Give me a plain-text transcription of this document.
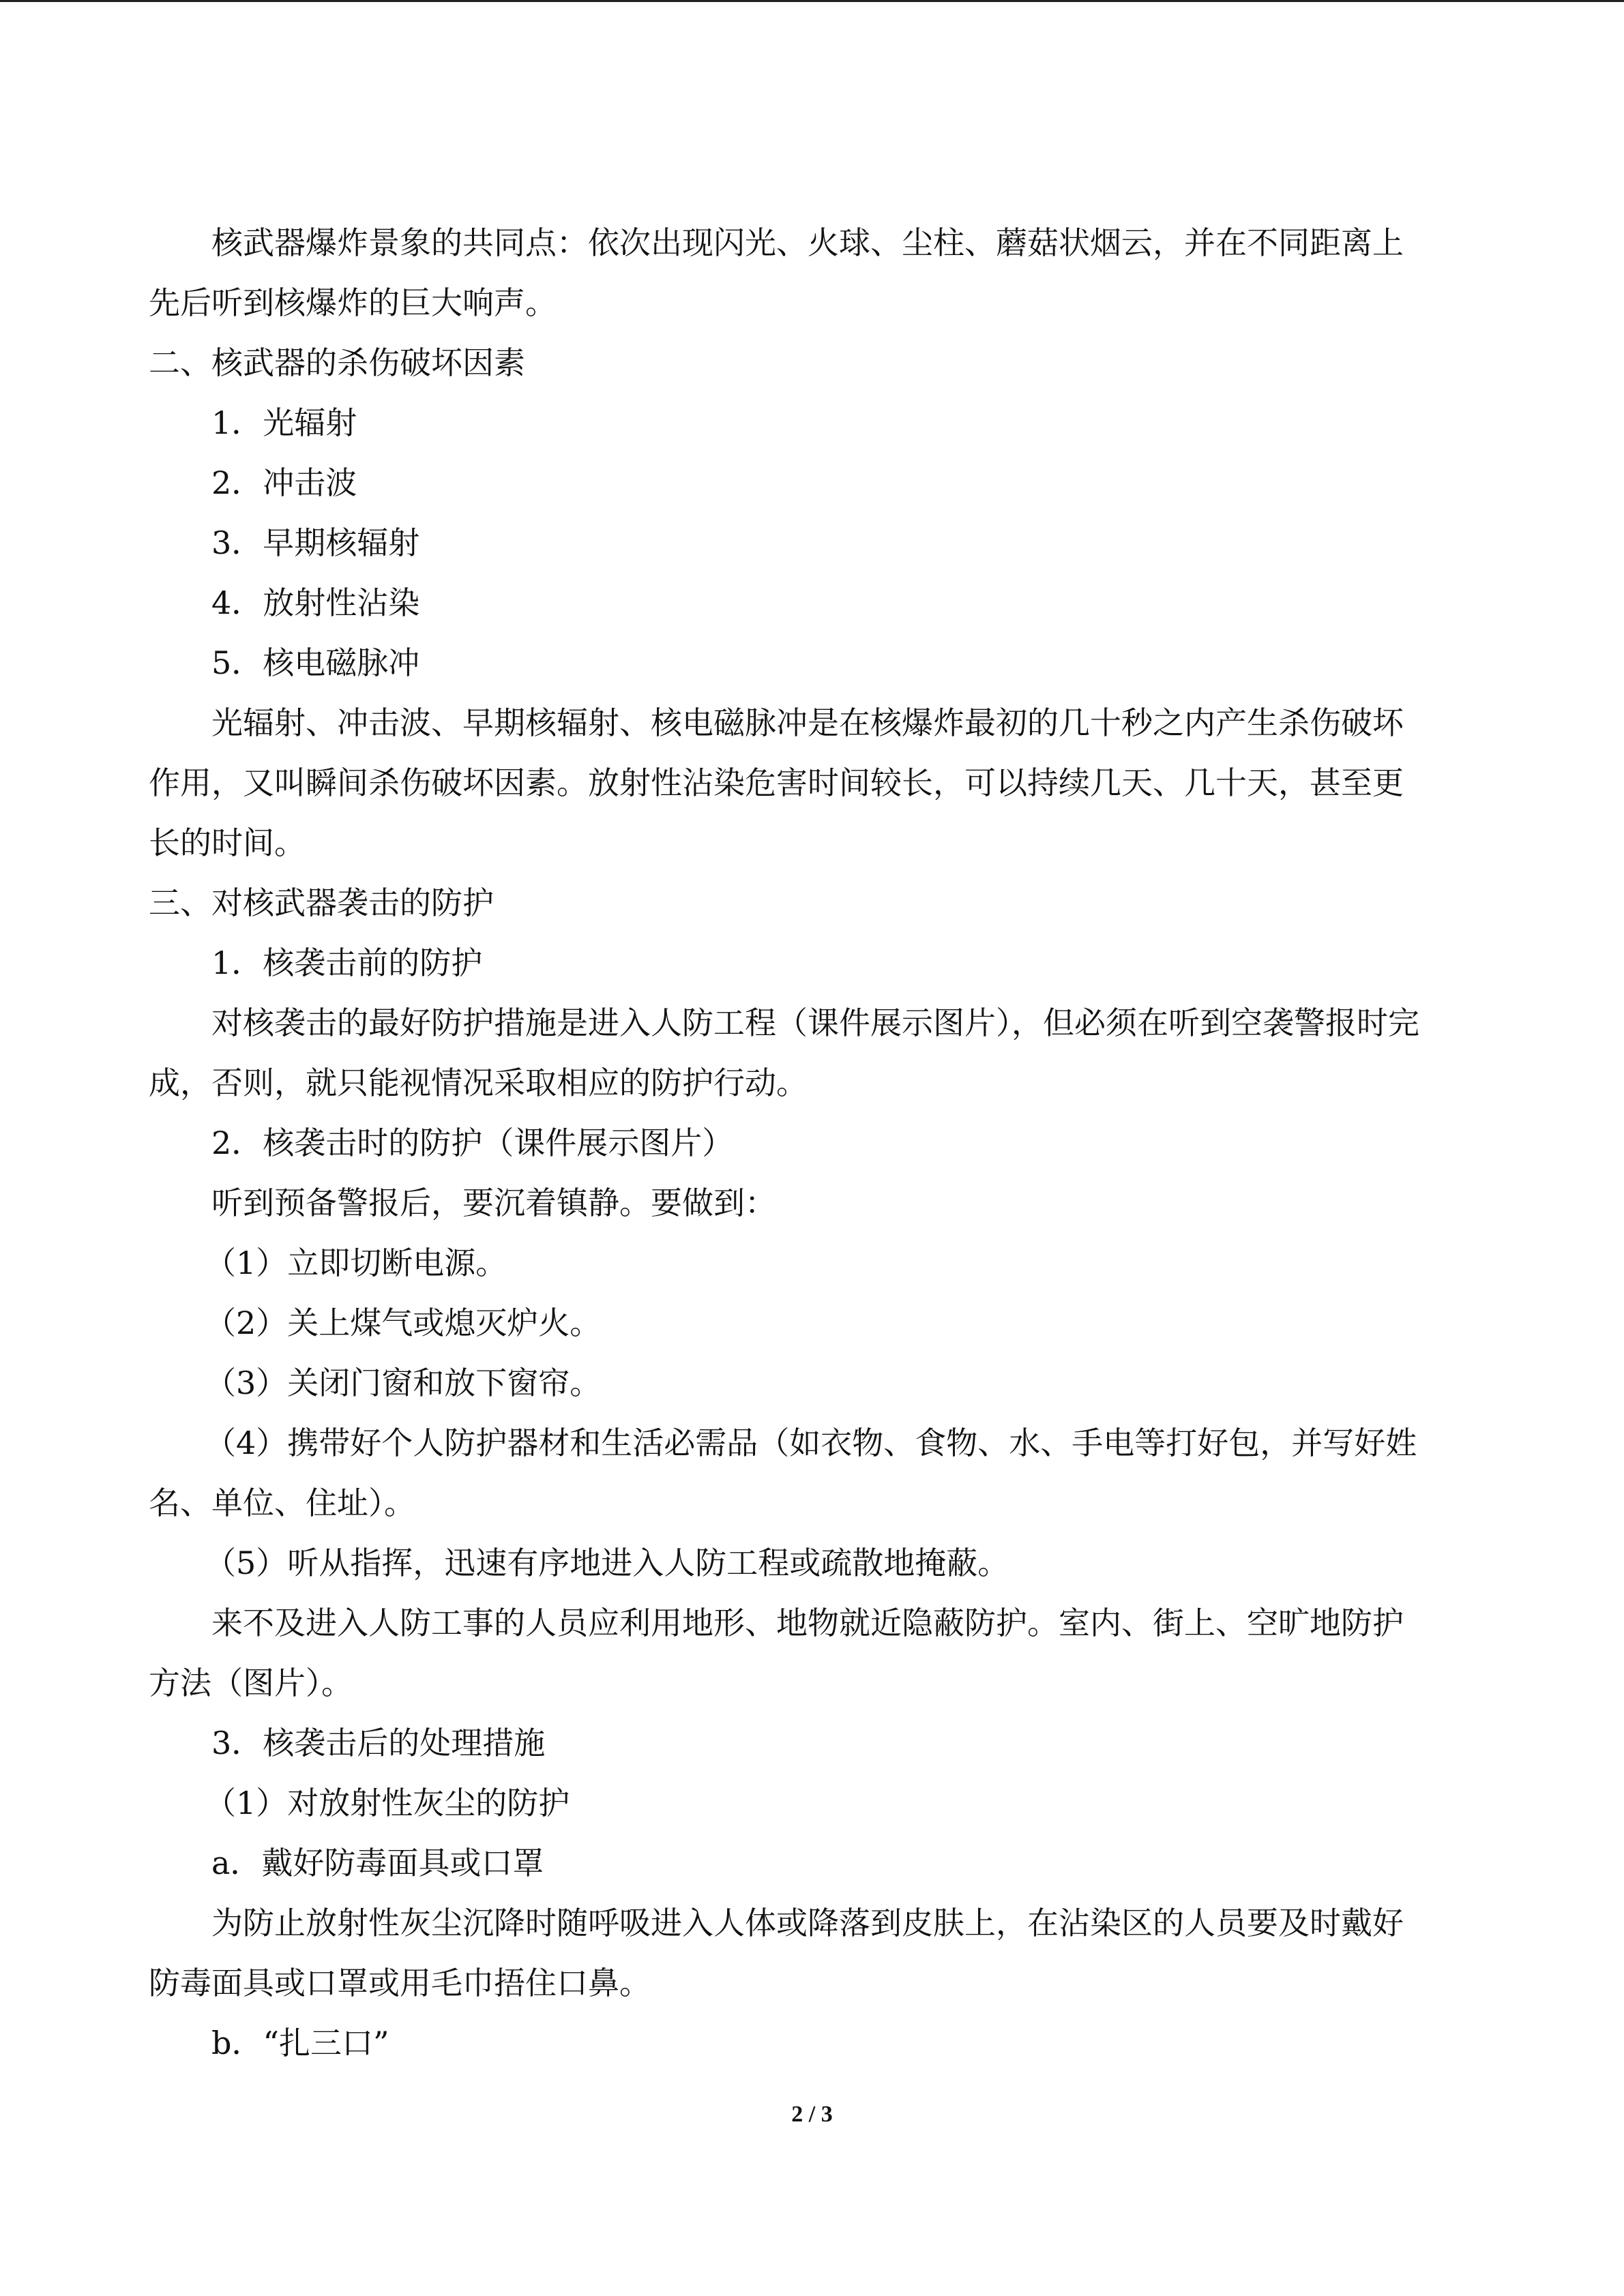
核武器爆炸景象的共同点：依次出现闪光、火球、尘柱、蘑菇状烟云，并在不同距离上
先后听到核爆炸的巨大响声。
二、核武器的杀伤破坏因素
1．光辐射
2．冲击波
3．早期核辐射
4．放射性沾染
5．核电磁脉冲
光辐射、冲击波、早期核辐射、核电磁脉冲是在核爆炸最初的几十秒之内产生杀伤破坏
作用，又叫瞬间杀伤破坏因素。放射性沾染危害时间较长，可以持续几天、几十天，甚至更
长的时间。
三、对核武器袭击的防护
1．核袭击前的防护
对核袭击的最好防护措施是进入人防工程（课件展示图片），但必须在听到空袭警报时完
成，否则，就只能视情况采取相应的防护行动。
2．核袭击时的防护（课件展示图片）
听到预备警报后，要沉着镇静。要做到：
（1）立即切断电源。
（2）关上煤气或熄灭炉火。
（3）关闭门窗和放下窗帘。
（4）携带好个人防护器材和生活必需品（如衣物、食物、水、手电等打好包，并写好姓
名、单位、住址）。
（5）听从指挥，迅速有序地进入人防工程或疏散地掩蔽。
来不及进入人防工事的人员应利用地形、地物就近隐蔽防护。室内、街上、空旷地防护
方法（图片）。
3．核袭击后的处理措施
（1）对放射性灰尘的防护
a．戴好防毒面具或口罩
为防止放射性灰尘沉降时随呼吸进入人体或降落到皮肤上，在沾染区的人员要及时戴好
防毒面具或口罩或用毛巾捂住口鼻。
b．“扎三口”
2 / 3
